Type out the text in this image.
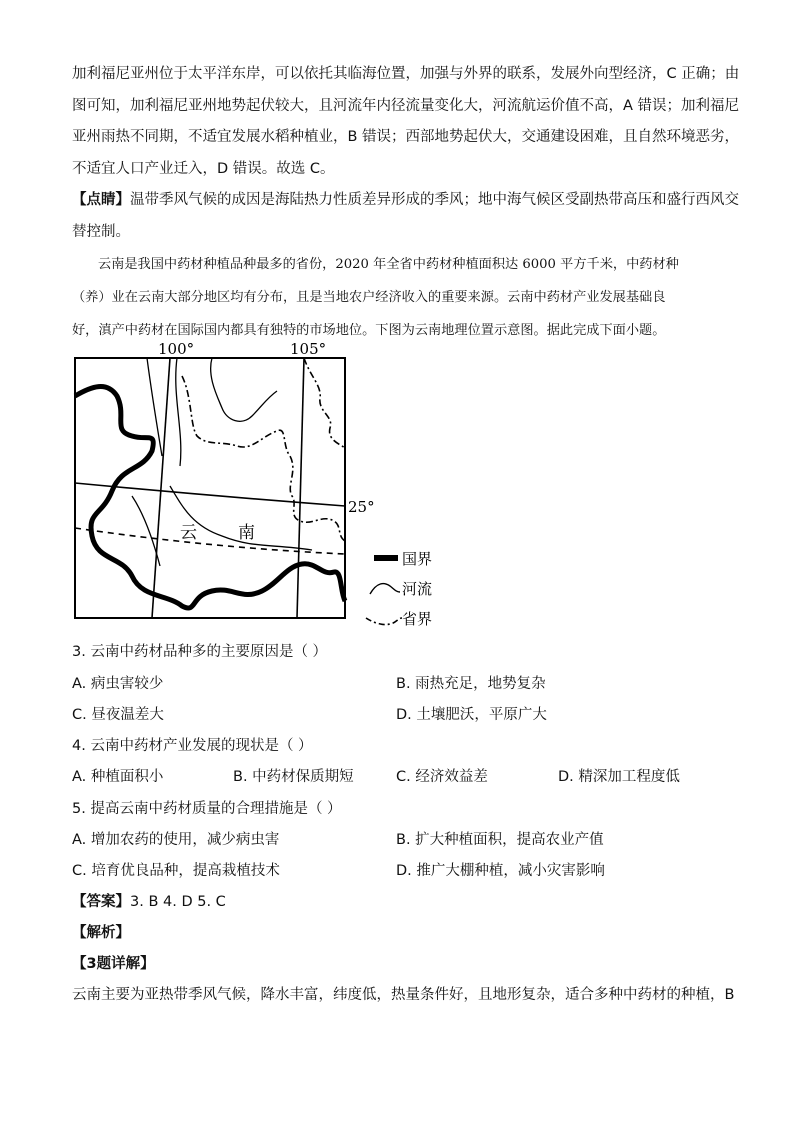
加利福尼亚州位于太平洋东岸，可以依托其临海位置，加强与外界的联系，发展外向型经济，C 正确；由
图可知，加利福尼亚州地势起伏较大，且河流年内径流量变化大，河流航运价值不高，A 错误；加利福尼
亚州雨热不同期，不适宜发展水稻种植业，B 错误；西部地势起伏大，交通建设困难，且自然环境恶劣，
不适宜人口产业迁入，D 错误。故选 C。
【点睛】温带季风气候的成因是海陆热力性质差异形成的季风；地中海气候区受副热带高压和盛行西风交
替控制。
云南是我国中药材种植品种最多的省份，2020 年全省中药材种植面积达 6000 平方千米，中药材种
（养）业在云南大部分地区均有分布，且是当地农户经济收入的重要来源。云南中药材产业发展基础良
好，滇产中药材在国际国内都具有独特的市场地位。下图为云南地理位置示意图。据此完成下面小题。
100°	105°
25°
云 南
国界
河流
省界
3. 云南中药材品种多的主要原因是（ ）
A. 病虫害较少	B. 雨热充足，地势复杂
C. 昼夜温差大	D. 土壤肥沃，平原广大
4. 云南中药材产业发展的现状是（ ）
A. 种植面积小	B. 中药材保质期短	C. 经济效益差	D. 精深加工程度低
5. 提高云南中药材质量的合理措施是（ ）
A. 增加农药的使用，减少病虫害	B. 扩大种植面积，提高农业产值
C. 培育优良品种，提高栽植技术	D. 推广大棚种植，减小灾害影响
【答案】3. B 4. D 5. C
【解析】
【3题详解】
云南主要为亚热带季风气候，降水丰富，纬度低，热量条件好，且地形复杂，适合多种中药材的种植，B
